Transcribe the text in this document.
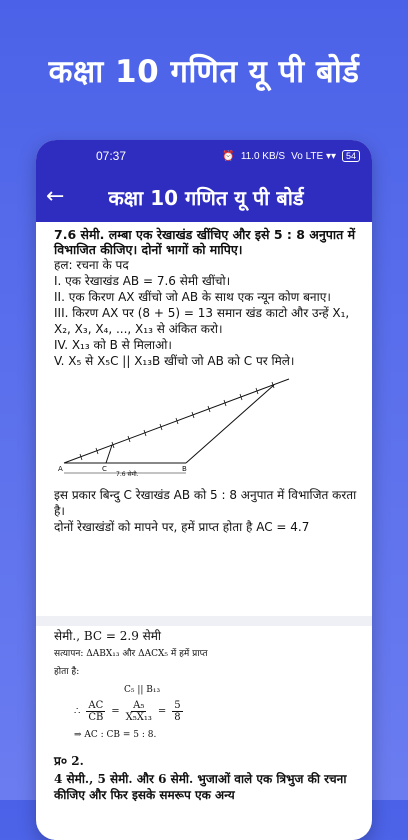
कक्षा 10 गणित यू पी बोर्ड
07:37	⏰ 11.0 KB/S Vo LTE ▾▾	54
←	कक्षा 10 गणित यू पी बोर्ड

7.6 सेमी. लम्बा एक रेखाखंड खींचिए और इसे 5 : 8 अनुपात में विभाजित कीजिए। दोनों भागों को मापिए।

हल: रचना के पद

I. एक रेखाखंड AB = 7.6 सेमी खींचो।

II. एक किरण AX खींचो जो AB के साथ एक न्यून कोण बनाए।

III. किरण AX पर (8 + 5) = 13 समान खंड काटो और उन्हें X₁, X₂, X₃, X₄, ..., X₁₃ से अंकित करो।

IV. X₁₃ को B से मिलाओ।

V. X₅ से X₅C || X₁₃B खींचो जो AB को C पर मिले।

7.6 सेमी.
A	C	B

इस प्रकार बिन्दु C रेखाखंड AB को 5 : 8 अनुपात में विभाजित करता है।

दोनों रेखाखंडों को मापने पर, हमें प्राप्त होता है AC = 4.7

सेमी., BC = 2.9 सेमी

सत्यापन: ΔABX₁₃ और ΔACX₅ में हमें प्राप्त

होता है:

C₅ || B₁₃

∴ $\frac{AC}{CB} = \frac{\text{A₅}}{\text{X₅X₁₃}} = \frac{5}{8}$

⇒ AC : CB = 5 : 8.

प्र० 2.

4 सेमी., 5 सेमी. और 6 सेमी. भुजाओं वाले एक त्रिभुज की रचना कीजिए और फिर इसके समरूप एक अन्य
